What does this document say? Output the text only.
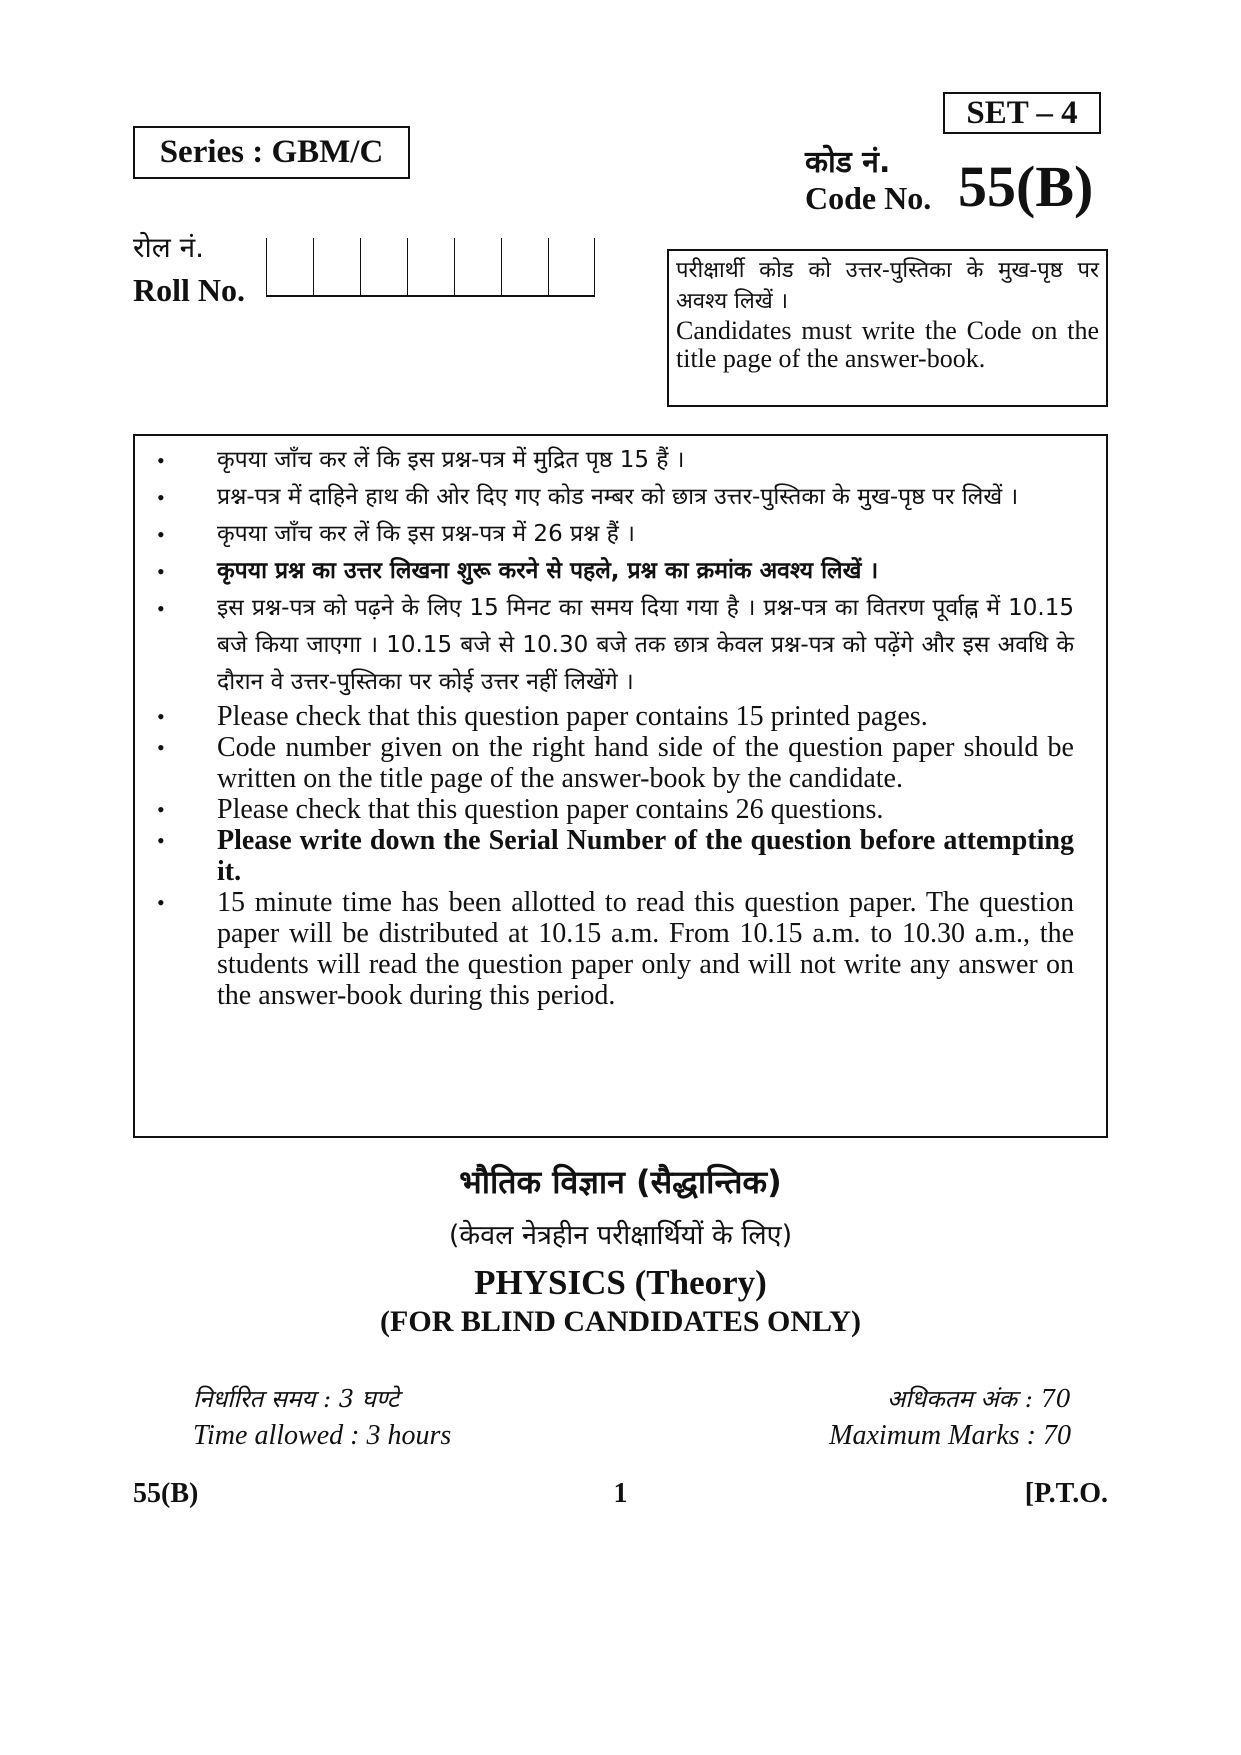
SET – 4
Series : GBM/C	कोड नं.
Code No. 55(B)
रोल नं.
Roll No.
परीक्षार्थी कोड को उत्तर-पुस्तिका के मुख-पृष्ठ पर अवश्य लिखें ।
Candidates must write the Code on the title page of the answer-book.
•	कृपया जाँच कर लें कि इस प्रश्न-पत्र में मुद्रित पृष्ठ 15 हैं ।
•	प्रश्न-पत्र में दाहिने हाथ की ओर दिए गए कोड नम्बर को छात्र उत्तर-पुस्तिका के मुख-पृष्ठ पर लिखें ।
•	कृपया जाँच कर लें कि इस प्रश्न-पत्र में 26 प्रश्न हैं ।
•	कृपया प्रश्न का उत्तर लिखना शुरू करने से पहले, प्रश्न का क्रमांक अवश्य लिखें ।
•	इस प्रश्न-पत्र को पढ़ने के लिए 15 मिनट का समय दिया गया है । प्रश्न-पत्र का वितरण पूर्वाह्न में 10.15 बजे किया जाएगा । 10.15 बजे से 10.30 बजे तक छात्र केवल प्रश्न-पत्र को पढ़ेंगे और इस अवधि के दौरान वे उत्तर-पुस्तिका पर कोई उत्तर नहीं लिखेंगे ।
•	Please check that this question paper contains 15 printed pages.
•	Code number given on the right hand side of the question paper should be written on the title page of the answer-book by the candidate.
•	Please check that this question paper contains 26 questions.
•	Please write down the Serial Number of the question before attempting it.
•	15 minute time has been allotted to read this question paper. The question paper will be distributed at 10.15 a.m. From 10.15 a.m. to 10.30 a.m., the students will read the question paper only and will not write any answer on the answer-book during this period.
भौतिक विज्ञान (सैद्धान्तिक)
(केवल नेत्रहीन परीक्षार्थियों के लिए)
PHYSICS (Theory)
(FOR BLIND CANDIDATES ONLY)
निर्धारित समय : 3 घण्टे
Time allowed : 3 hours
अधिकतम अंक : 70
Maximum Marks : 70
55(B)	1	[P.T.O.
